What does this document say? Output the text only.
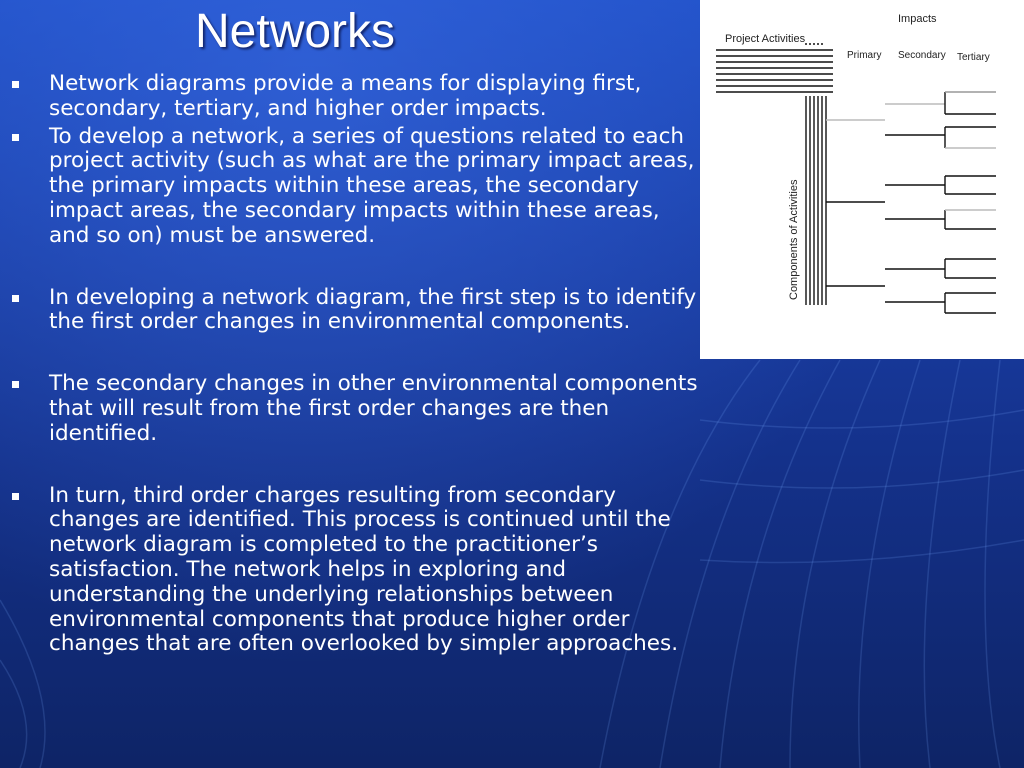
Networks
Network diagrams provide a means for displaying first, secondary, tertiary, and higher order impacts.
To develop a network, a series of questions related to each project activity (such as what are the primary impact areas, the primary impacts within these areas, the secondary impact areas, the secondary impacts within these areas, and so on) must be answered.
In developing a network diagram, the first step is to identify the first order changes in environmental components.
The secondary changes in other environmental components that will result from the first order changes are then identified.
In turn, third order charges resulting from secondary changes are identified. This process is continued until the network diagram is completed to the practitioner’s satisfaction. The network helps in exploring and understanding the underlying relationships between environmental components that produce higher order changes that are often overlooked by simpler approaches.
Impacts
Project Activities
Primary Secondary Tertiary
Components of Activities
